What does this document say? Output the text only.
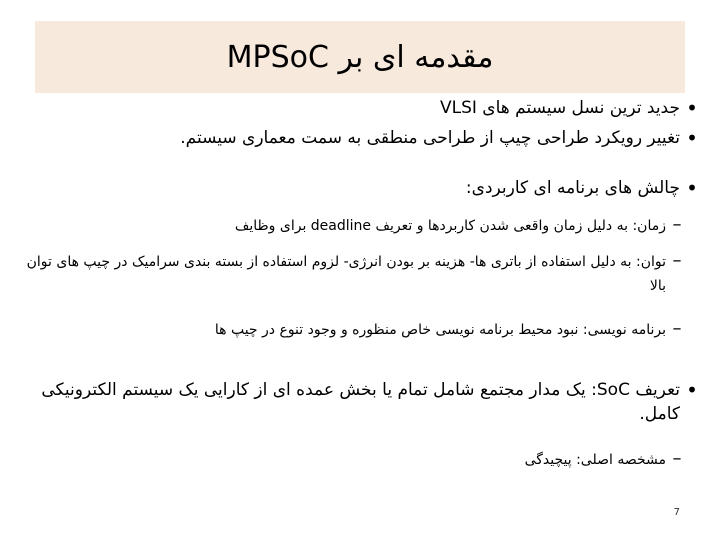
مقدمه ای بر MPSoC
•
جدید ترین نسل سیستم های VLSI
•
تغییر رویکرد طراحی چیپ از طراحی منطقی به سمت معماری سیستم.
•
چالش های برنامه ای کاربردی:
–
زمان: به دلیل زمان واقعی شدن کاربردها و تعریف deadline برای وظایف
–
توان: به دلیل استفاده از باتری ها- هزینه بر بودن انرژی- لزوم استفاده از بسته بندی سرامیک در چیپ های توان بالا
–
برنامه نویسی: نبود محیط برنامه نویسی خاص منظوره و وجود تنوع در چیپ ها
•
تعریف SoC: یک مدار مجتمع شامل تمام یا بخش عمده ای از کارایی یک سیستم الکترونیکی کامل.
–
مشخصه اصلی: پیچیدگی
7
